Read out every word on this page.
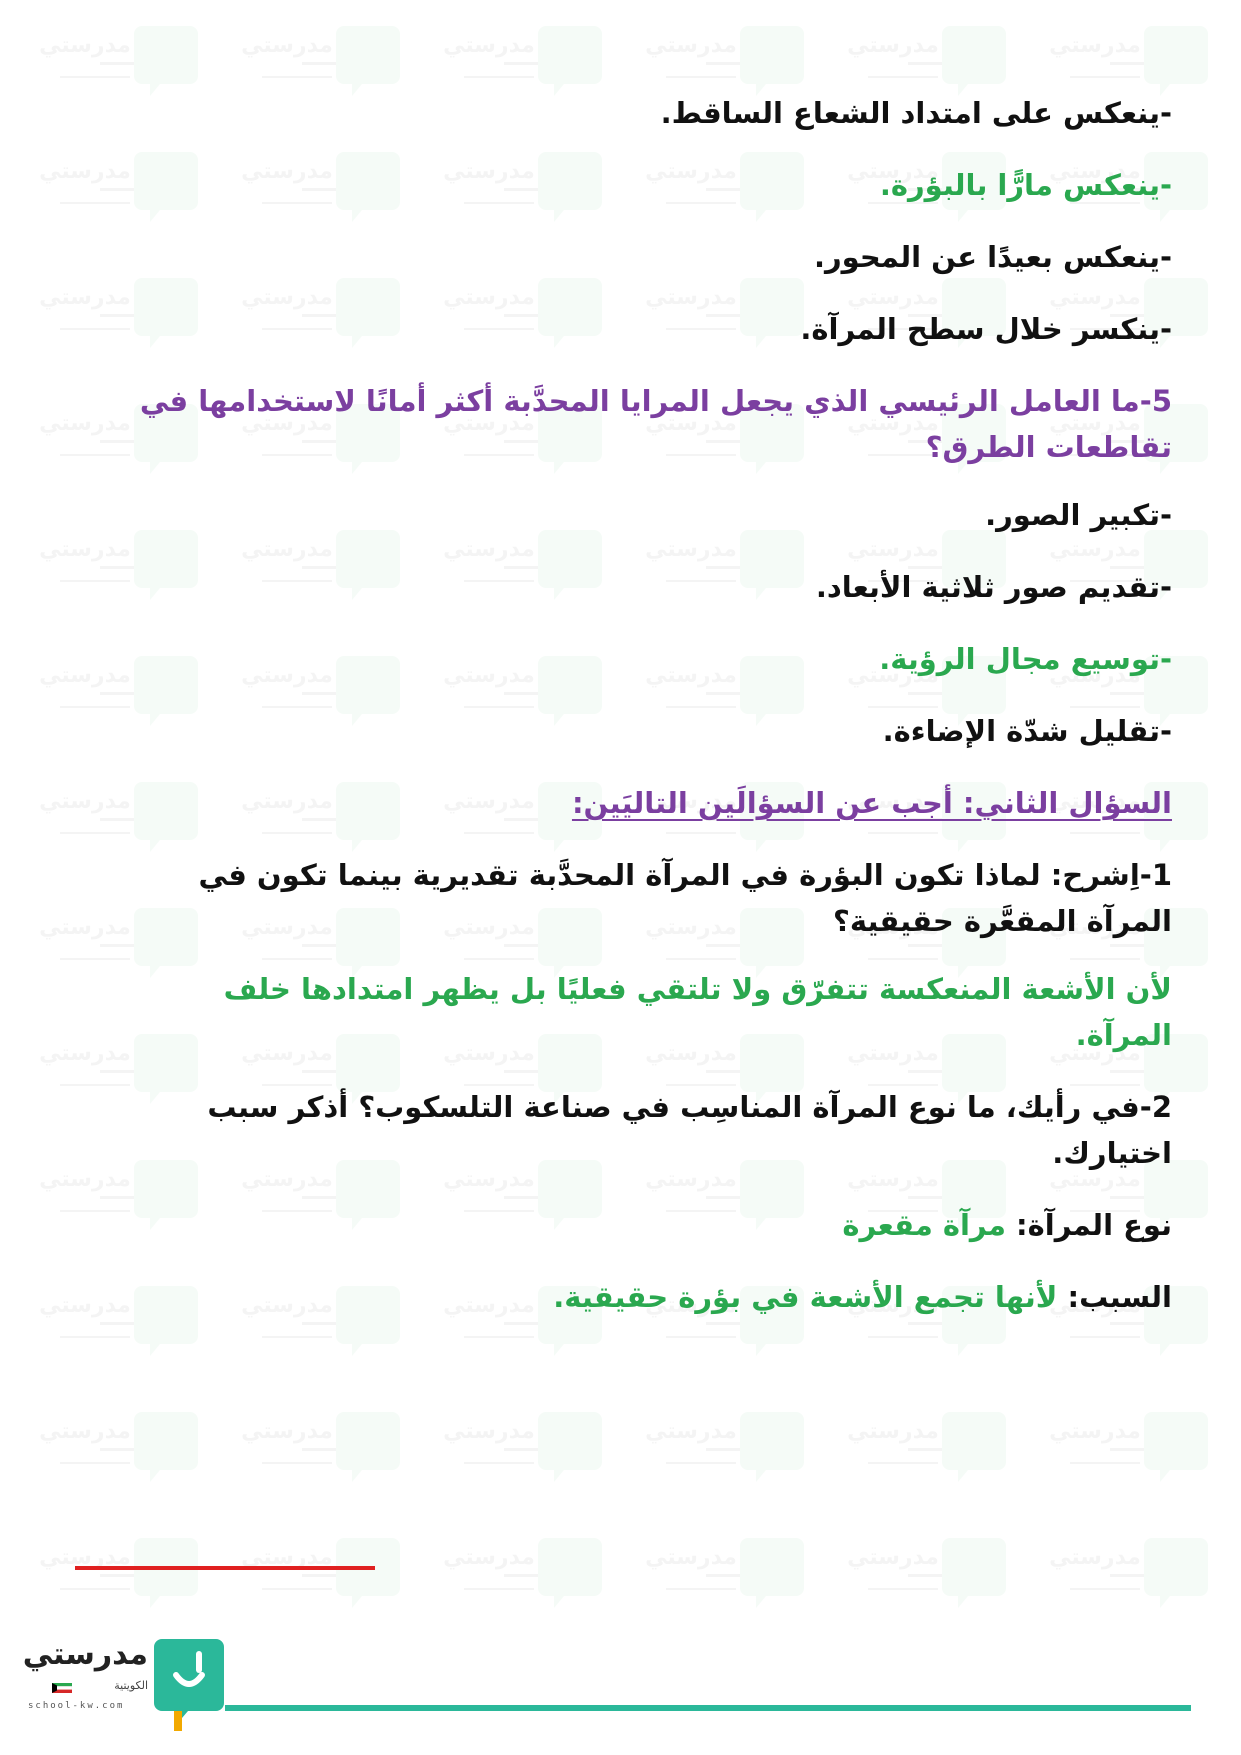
مدرستي

-ينعكس على امتداد الشعاع الساقط.

-ينعكس مارًّا بالبؤرة.

-ينعكس بعيدًا عن المحور.

-ينكسر خلال سطح المرآة.

5-ما العامل الرئيسي الذي يجعل المرايا المحدَّبة أكثر أمانًا لاستخدامها في تقاطعات الطرق؟

-تكبير الصور.

-تقديم صور ثلاثية الأبعاد.

-توسيع مجال الرؤية.

-تقليل شدّة الإضاءة.

السؤال الثاني: أجب عن السؤالَين التاليَين:

1-اِشرح: لماذا تكون البؤرة في المرآة المحدَّبة تقديرية بينما تكون في المرآة المقعَّرة حقيقية؟

لأن الأشعة المنعكسة تتفرّق ولا تلتقي فعليًا بل يظهر امتدادها خلف المرآة.

2-في رأيك، ما نوع المرآة المناسِب في صناعة التلسكوب؟ أذكر سبب اختيارك.

نوع المرآة: مرآة مقعرة

السبب: لأنها تجمع الأشعة في بؤرة حقيقية.

مدرستي
الكويتية
school-kw.com
